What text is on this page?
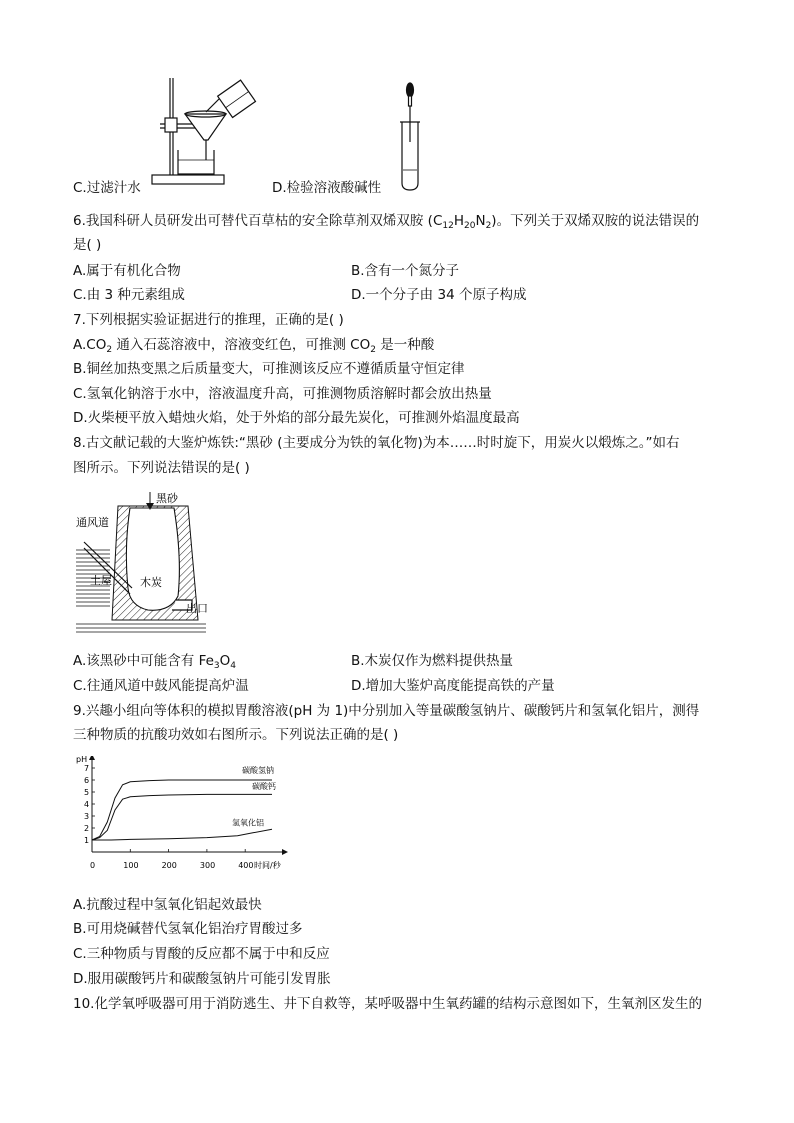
C.过滤汁水	D.检验溶液酸碱性
6.我国科研人员研发出可替代百草枯的安全除草剂双烯双胺 $(C_{12}H_{20}N_2)$。下列关于双烯双胺的说法错误的
是( )
A.属于有机化合物	B.含有一个氮分子
C.由 3 种元素组成	D.一个分子由 34 个原子构成
7.下列根据实验证据进行的推理，正确的是( )
$A.CO_2$ 通入石蕊溶液中，溶液变红色，可推测 $CO_2$ 是一种酸
B.铜丝加热变黑之后质量变大，可推测该反应不遵循质量守恒定律
C.氢氧化钠溶于水中，溶液温度升高，可推测物质溶解时都会放出热量
D.火柴梗平放入蜡烛火焰，处于外焰的部分最先炭化，可推测外焰温度最高
8.古文献记载的大鉴炉炼铁:“黑砂 (主要成分为铁的氧化物)为本……时时旋下，用炭火以煅炼之。”如右
图所示。下列说法错误的是( )
黑砂
通风道
土屋	木炭
出口
A.该黑砂中可能含有 $Fe_3O_4$	B.木炭仅作为燃料提供热量
C.往通风道中鼓风能提高炉温	D.增加大鉴炉高度能提高铁的产量
9.兴趣小组向等体积的模拟胃酸溶液(pH 为 1)中分别加入等量碳酸氢钠片、碳酸钙片和氢氧化铝片，测得
三种物质的抗酸功效如右图所示。下列说法正确的是( )
pH
时间/秒
1
2
3
4
5
6
7
0	100	200	300	400
碳酸氢钠
碳酸钙
氢氧化铝
A.抗酸过程中氢氧化铝起效最快
B.可用烧碱替代氢氧化铝治疗胃酸过多
C.三种物质与胃酸的反应都不属于中和反应
D.服用碳酸钙片和碳酸氢钠片可能引发胃胀
10.化学氧呼吸器可用于消防逃生、井下自救等，某呼吸器中生氧药罐的结构示意图如下，生氧剂区发生的
